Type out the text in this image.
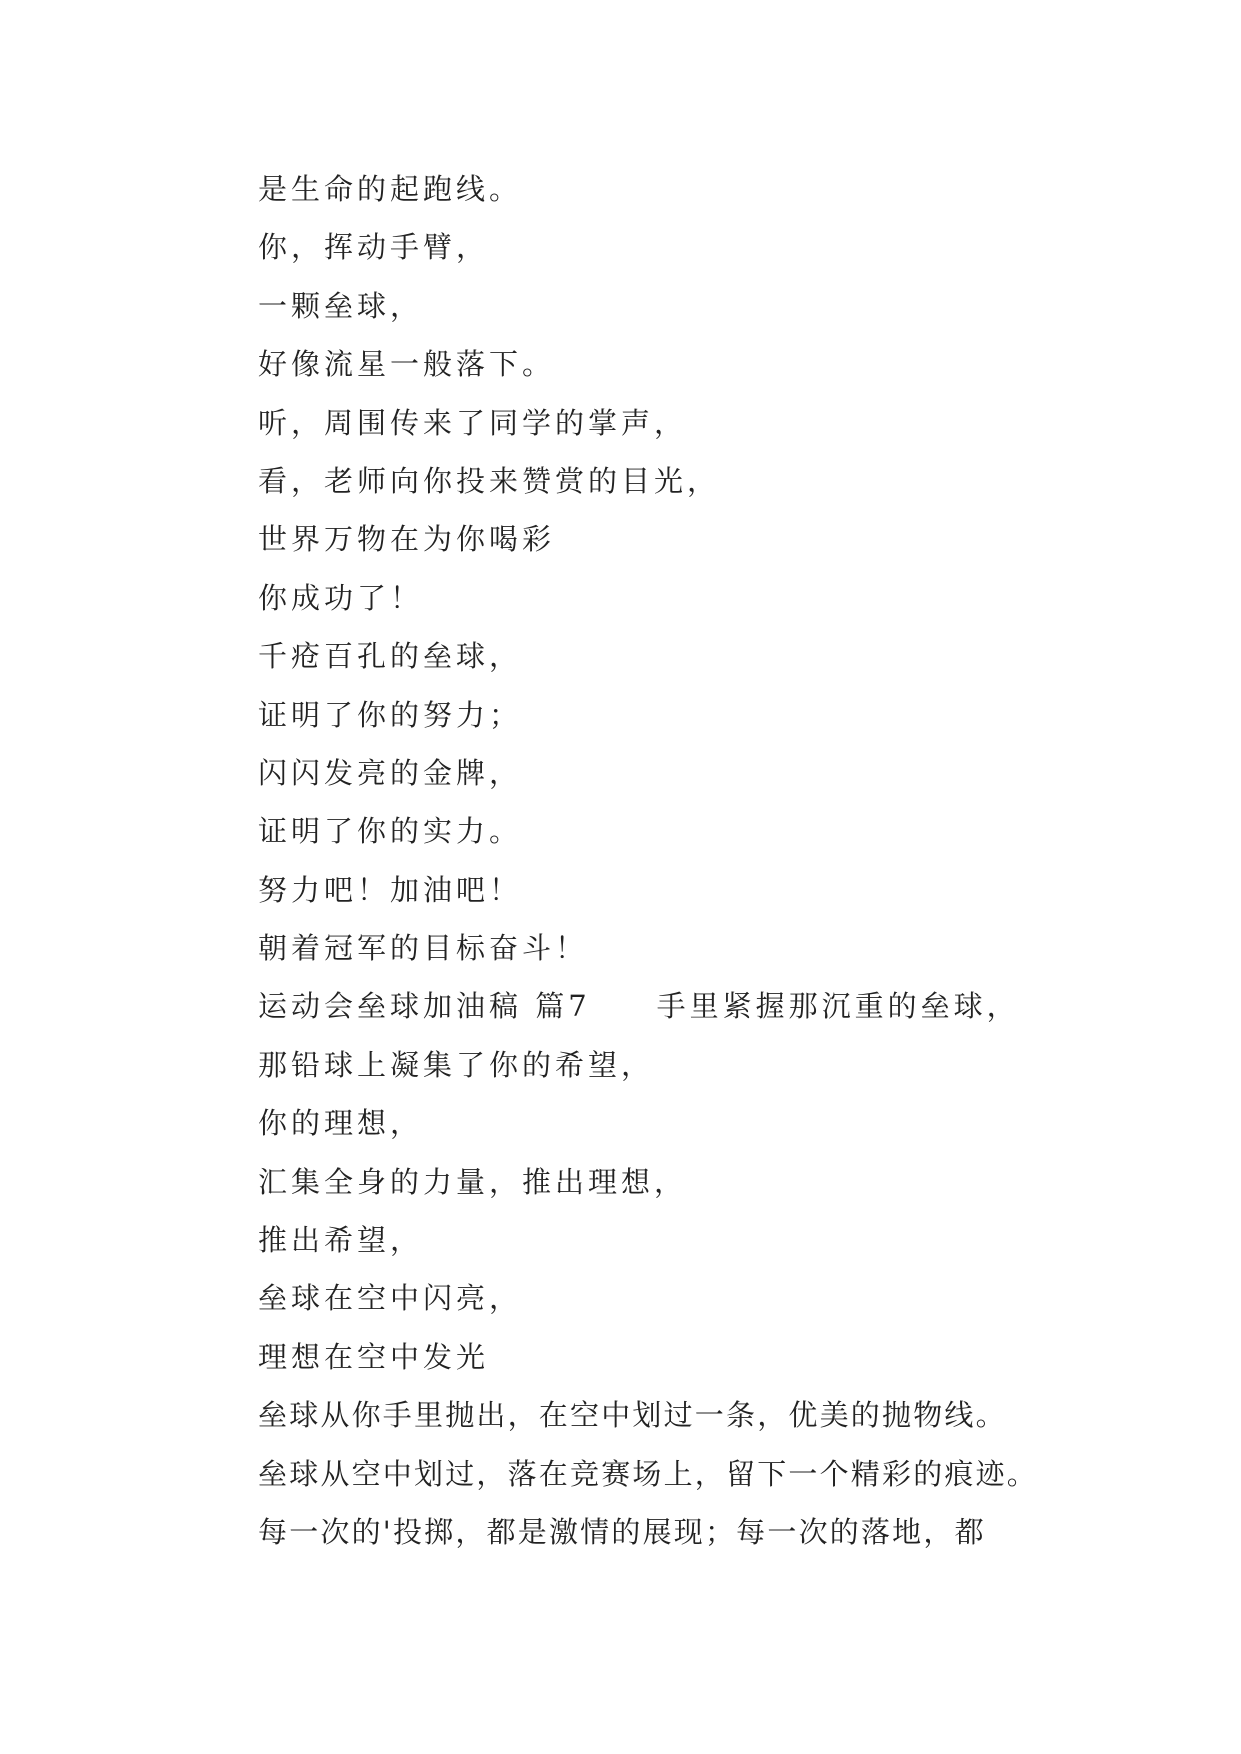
是生命的起跑线。
你，挥动手臂，
一颗垒球，
好像流星一般落下。
听，周围传来了同学的掌声，
看，老师向你投来赞赏的目光，
世界万物在为你喝彩
你成功了！
千疮百孔的垒球，
证明了你的努力；
闪闪发亮的金牌，
证明了你的实力。
努力吧！加油吧！
朝着冠军的目标奋斗！
运动会垒球加油稿 篇7　　手里紧握那沉重的垒球，
那铅球上凝集了你的希望，
你的理想，
汇集全身的力量，推出理想，
推出希望，
垒球在空中闪亮，
理想在空中发光
垒球从你手里抛出，在空中划过一条，优美的抛物线。
垒球从空中划过，落在竞赛场上，留下一个精彩的痕迹。
每一次的'投掷，都是激情的展现；每一次的落地，都
